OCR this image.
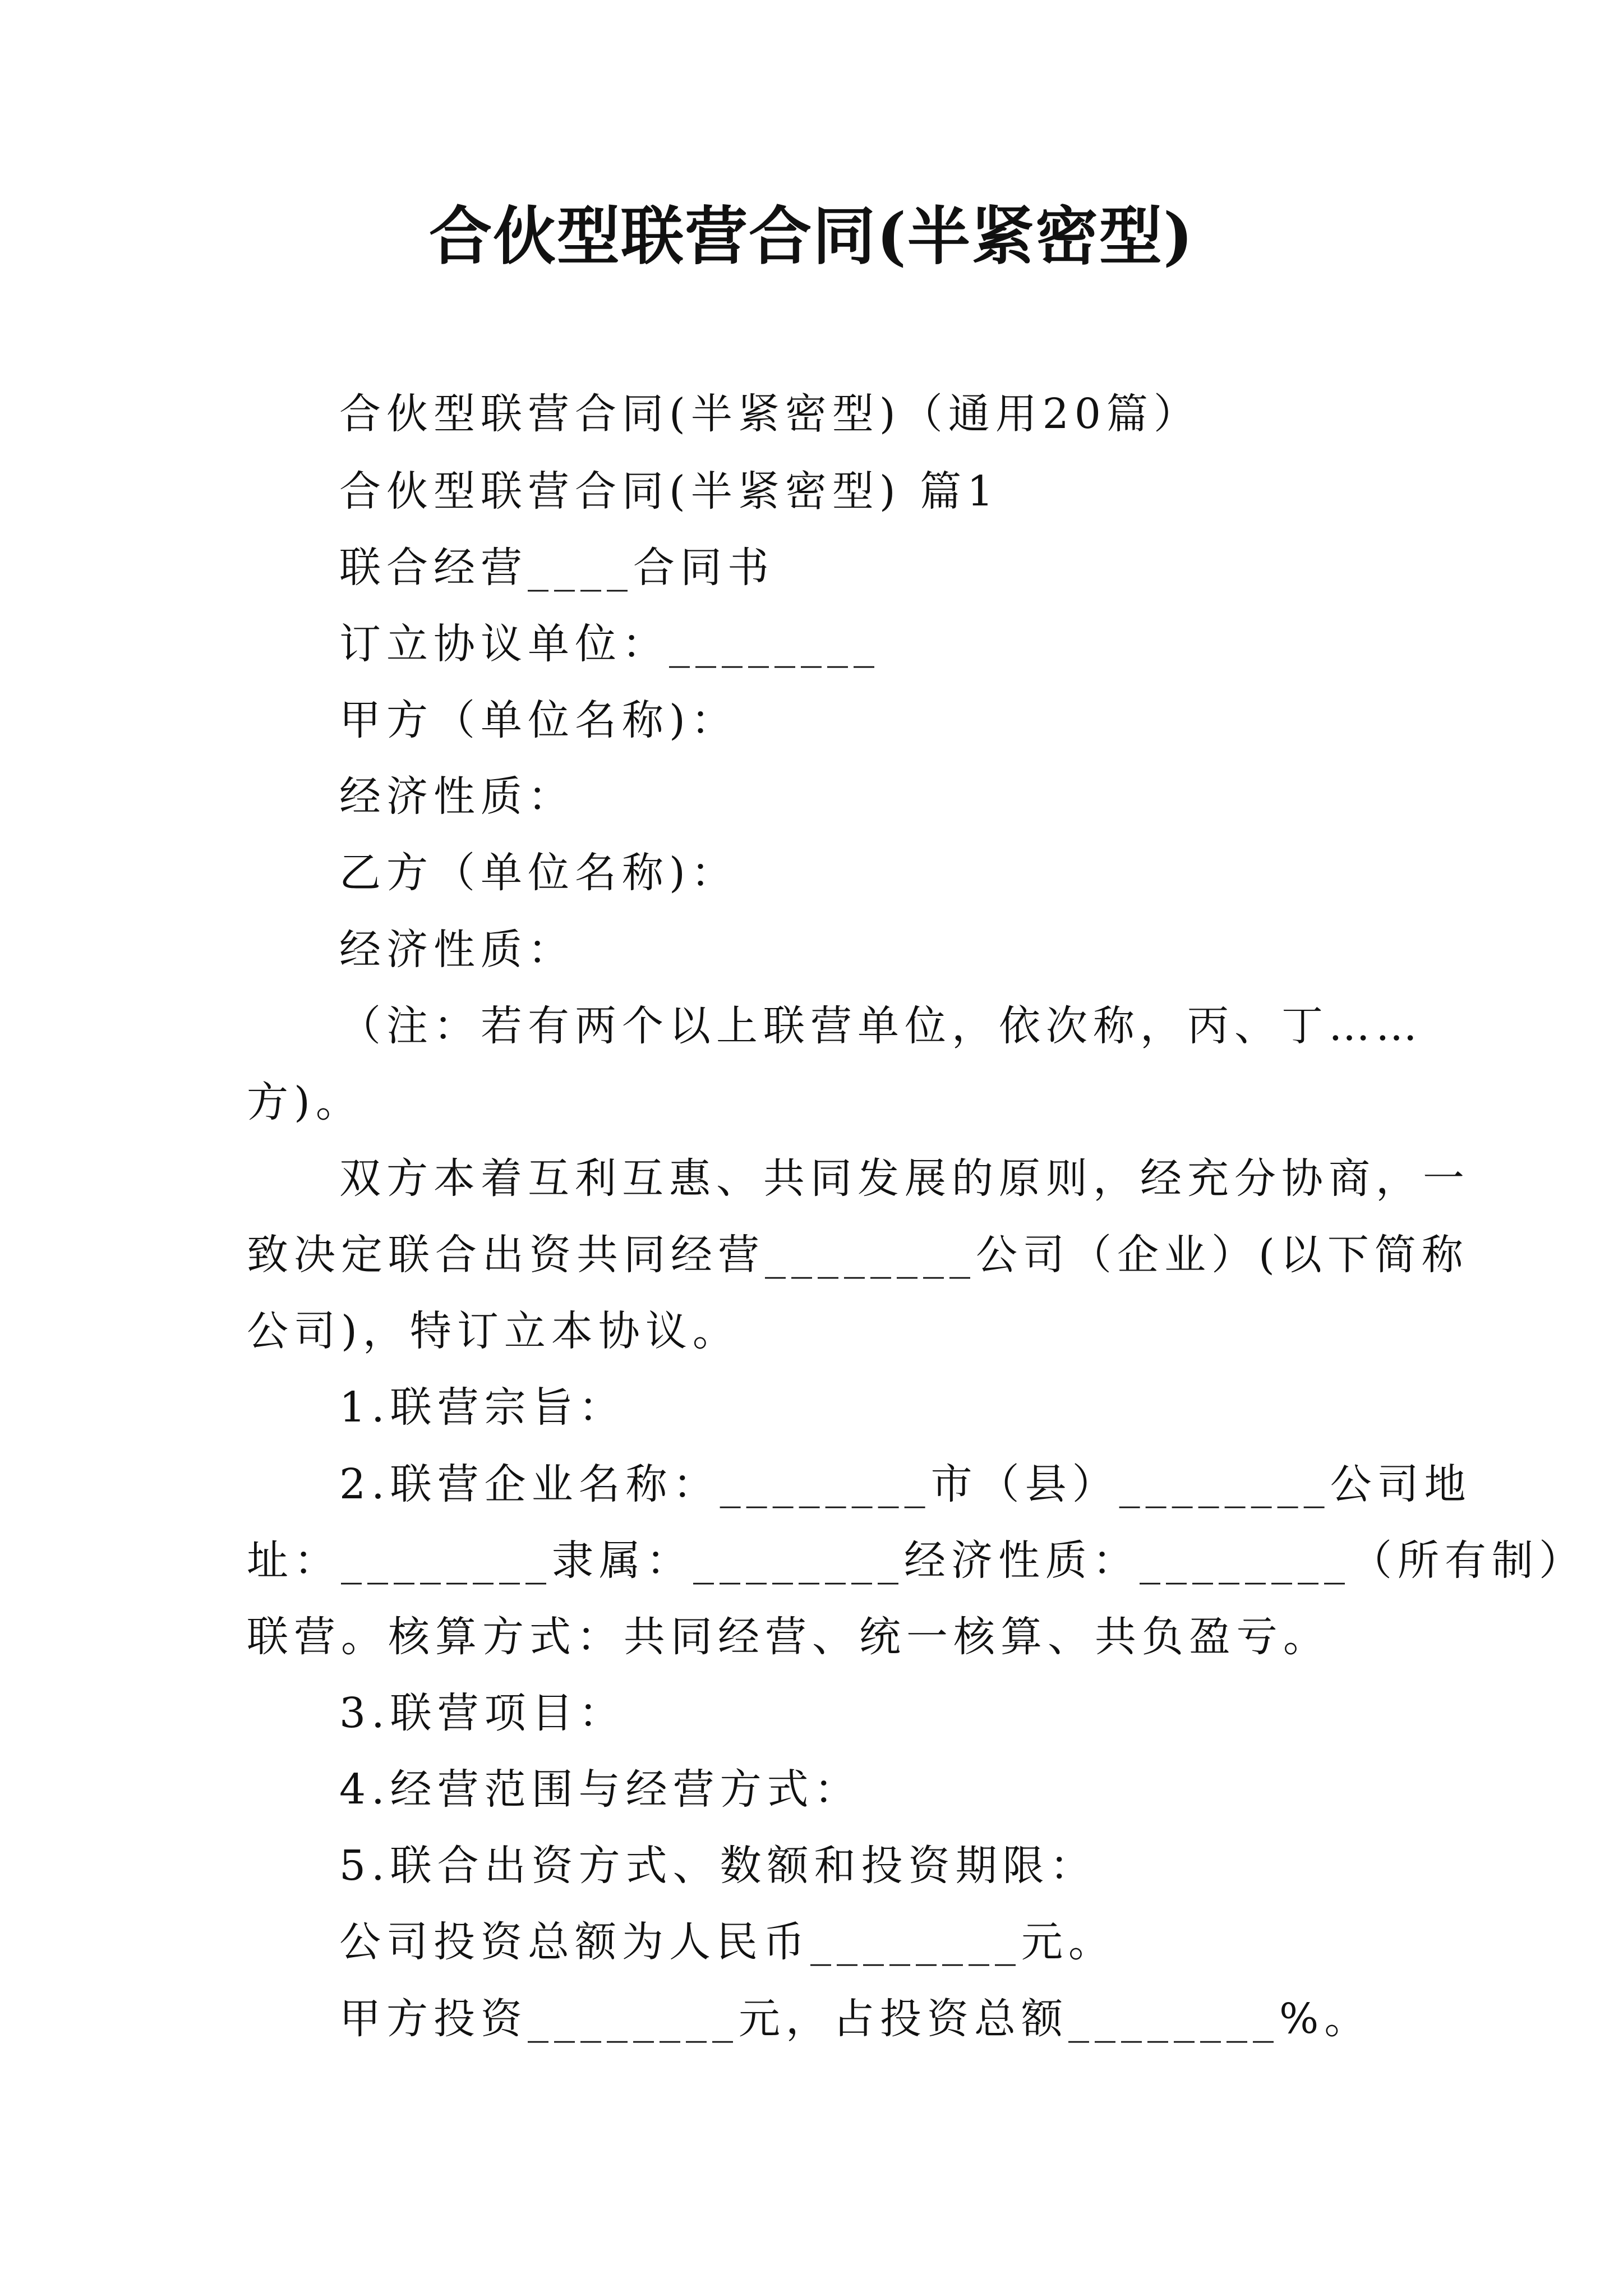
合伙型联营合同(半紧密型)
合伙型联营合同(半紧密型)（通用20篇）
合伙型联营合同(半紧密型) 篇1
联合经营____合同书
订立协议单位：________
甲方（单位名称)：
经济性质：
乙方（单位名称)：
经济性质：
（注：若有两个以上联营单位，依次称，丙、丁……
方)。
双方本着互利互惠、共同发展的原则，经充分协商，一
致决定联合出资共同经营________公司（企业）(以下简称
公司)，特订立本协议。
1.联营宗旨：
2.联营企业名称：________市（县）________公司地
址：________隶属：________经济性质：________（所有制）
联营。核算方式：共同经营、统一核算、共负盈亏。
3.联营项目：
4.经营范围与经营方式：
5.联合出资方式、数额和投资期限：
公司投资总额为人民币________元。
甲方投资________元，占投资总额________%。
